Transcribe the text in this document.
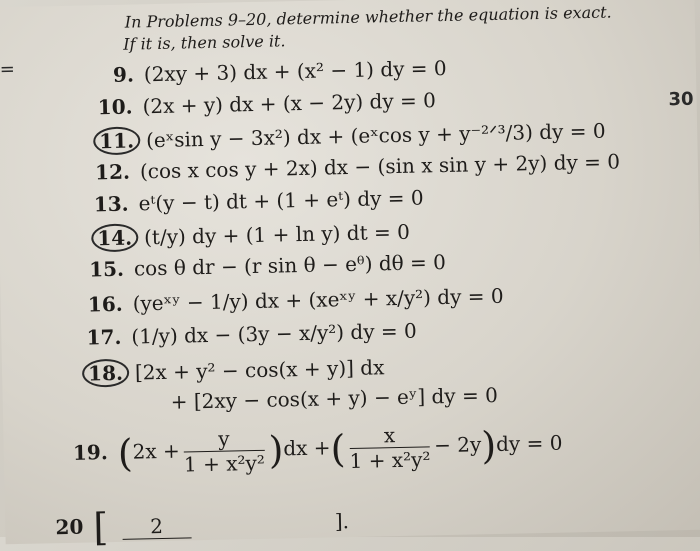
In Problems 9–20, determine whether the equation is exact.
If it is, then solve it.
=
30
9. (2xy + 3) dx + (x² − 1) dy = 0
10. (2x + y) dx + (x − 2y) dy = 0
11. (eˣsin y − 3x²) dx + (eˣcos y + y⁻²ᐟ³/3) dy = 0
12. (cos x cos y + 2x) dx − (sin x sin y + 2y) dy = 0
13. eᵗ(y − t) dt + (1 + eᵗ) dy = 0
14. (t/y) dy + (1 + ln y) dt = 0
15. cos θ dr − (r sin θ − eᶿ) dθ = 0
16. (yeˣʸ − 1/y) dx + (xeˣʸ + x/y²) dy = 0
17. (1/y) dx − (3y − x/y²) dy = 0
18. [2x + y² − cos(x + y)] dx
+ [2xy − cos(x + y) − eʸ] dy = 0
19. $(2x + \frac{y}{\text{1 + x²y²}} )dx$ +( $\frac{x}{\text{1 + x²y²}} - 2y)dy = 0$
20 [	2	].
